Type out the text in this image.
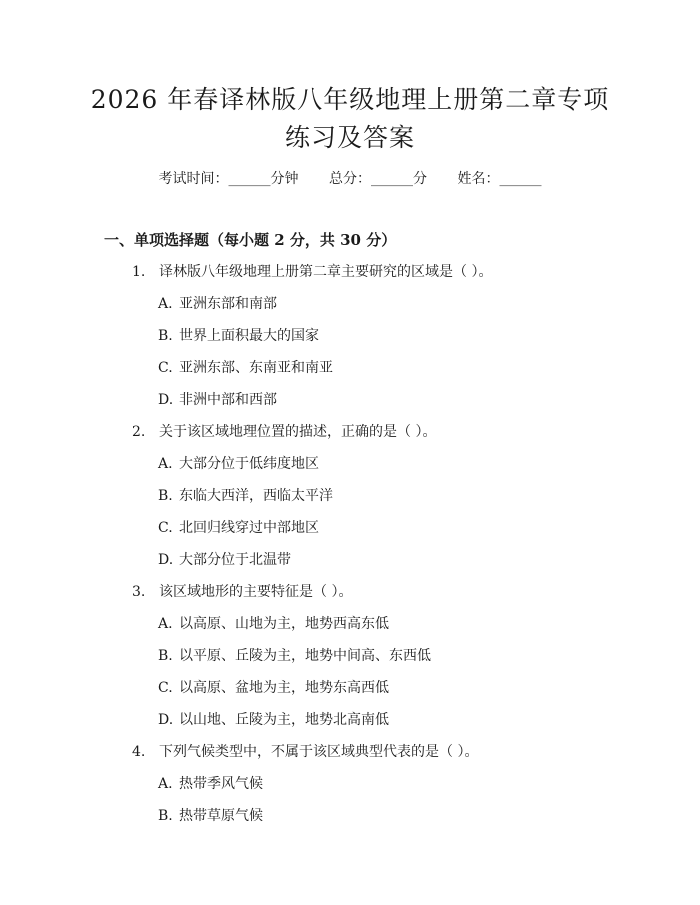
2026 年春译林版八年级地理上册第二章专项
练习及答案
考试时间：______分钟 总分：______分 姓名：______
一、单项选择题（每小题 2 分，共 30 分）
1. 译林版八年级地理上册第二章主要研究的区域是（ ）。
A. 亚洲东部和南部
B. 世界上面积最大的国家
C. 亚洲东部、东南亚和南亚
D. 非洲中部和西部
2. 关于该区域地理位置的描述，正确的是（ ）。
A. 大部分位于低纬度地区
B. 东临大西洋，西临太平洋
C. 北回归线穿过中部地区
D. 大部分位于北温带
3. 该区域地形的主要特征是（ ）。
A. 以高原、山地为主，地势西高东低
B. 以平原、丘陵为主，地势中间高、东西低
C. 以高原、盆地为主，地势东高西低
D. 以山地、丘陵为主，地势北高南低
4. 下列气候类型中，不属于该区域典型代表的是（ ）。
A. 热带季风气候
B. 热带草原气候
